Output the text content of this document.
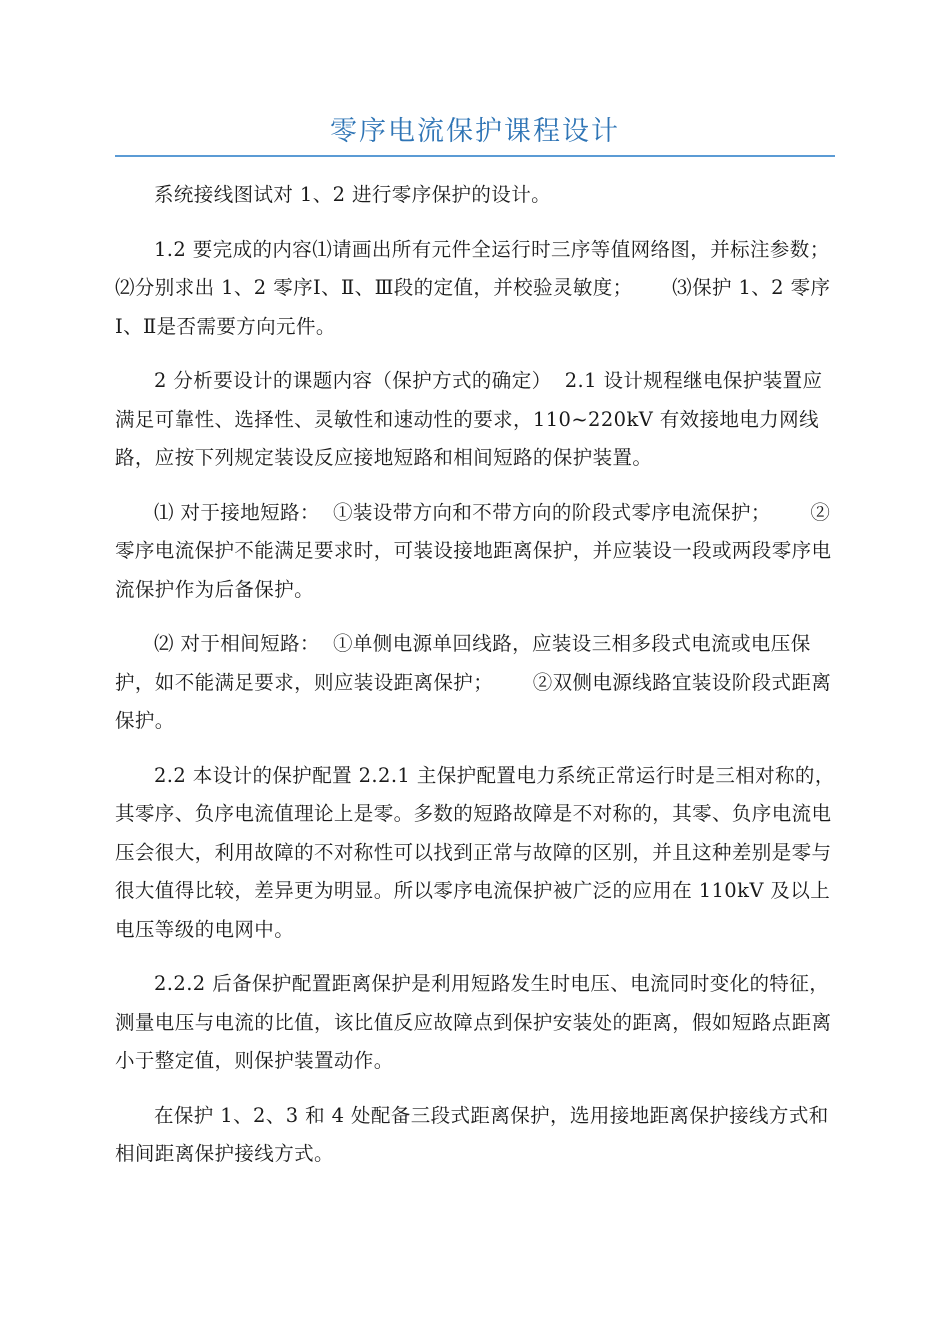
零序电流保护课程设计

系统接线图试对 1、2 进行零序保护的设计。

1.2 要完成的内容⑴请画出所有元件全运行时三序等值网络图，并标注参数；      ⑵分别求出 1、2 零序Ⅰ、Ⅱ、Ⅲ段的定值，并校验灵敏度；      ⑶保护 1、2 零序Ⅰ、Ⅱ是否需要方向元件。

2 分析要设计的课题内容（保护方式的确定）  2.1 设计规程继电保护装置应满足可靠性、选择性、灵敏性和速动性的要求，110~220kV 有效接地电力网线路，应按下列规定装设反应接地短路和相间短路的保护装置。

⑴ 对于接地短路：  ①装设带方向和不带方向的阶段式零序电流保护；      ②零序电流保护不能满足要求时，可装设接地距离保护，并应装设一段或两段零序电流保护作为后备保护。

⑵ 对于相间短路：  ①单侧电源单回线路，应装设三相多段式电流或电压保护，如不能满足要求，则应装设距离保护；      ②双侧电源线路宜装设阶段式距离保护。

2.2 本设计的保护配置 2.2.1 主保护配置电力系统正常运行时是三相对称的，其零序、负序电流值理论上是零。多数的短路故障是不对称的，其零、负序电流电压会很大，利用故障的不对称性可以找到正常与故障的区别，并且这种差别是零与很大值得比较，差异更为明显。所以零序电流保护被广泛的应用在 110kV 及以上电压等级的电网中。

2.2.2 后备保护配置距离保护是利用短路发生时电压、电流同时变化的特征，测量电压与电流的比值，该比值反应故障点到保护安装处的距离，假如短路点距离小于整定值，则保护装置动作。

在保护 1、2、3 和 4 处配备三段式距离保护，选用接地距离保护接线方式和相间距离保护接线方式。
